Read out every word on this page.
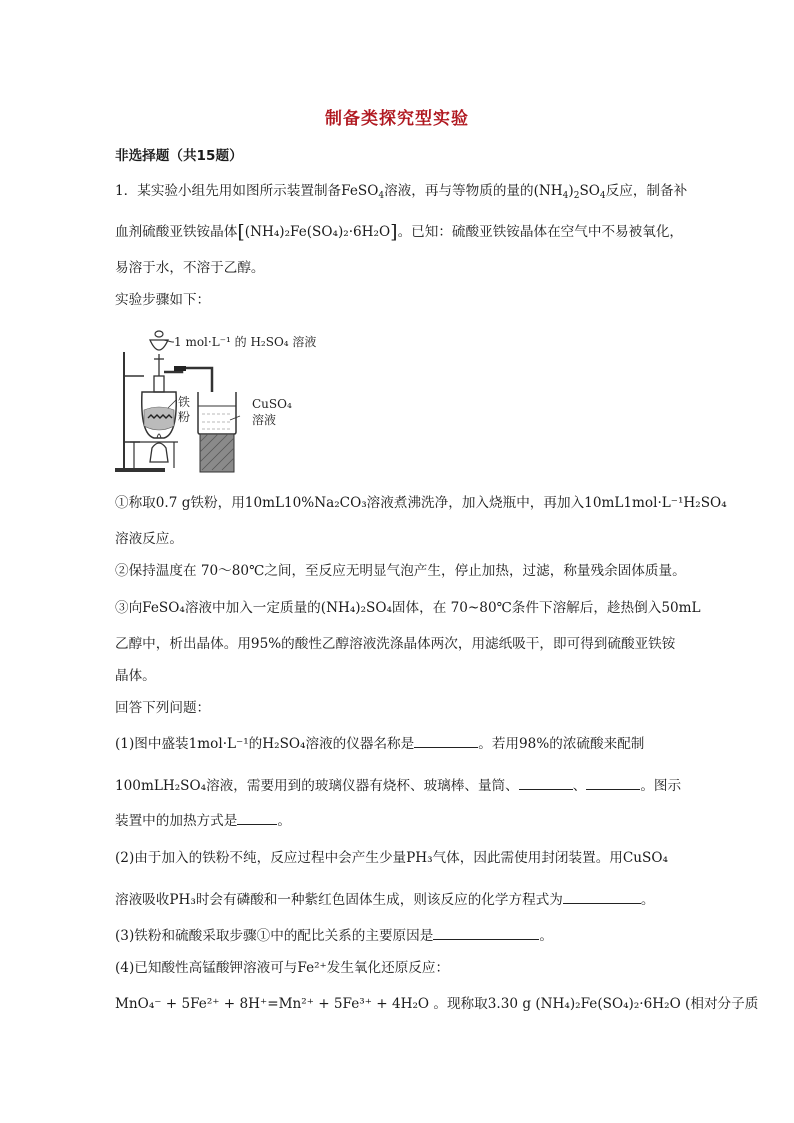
制备类探究型实验
非选择题（共15题）
1．某实验小组先用如图所示装置制备FeSO$_4$溶液，再与等物质的量的$(NH_4)_2SO_4$反应，制备补
血剂硫酸亚铁铵晶体[(NH₄)₂Fe(SO₄)₂·6H₂O]。已知：硫酸亚铁铵晶体在空气中不易被氧化，
易溶于水，不溶于乙醇。
实验步骤如下：
1 mol·L⁻¹ 的 H₂SO₄ 溶液
铁
粉
CuSO₄
溶液
①称取0.7 g铁粉，用10mL10%Na₂CO₃溶液煮沸洗净，加入烧瓶中，再加入10mL1mol·L⁻¹H₂SO₄
溶液反应。
②保持温度在 70～80℃之间，至反应无明显气泡产生，停止加热，过滤，称量残余固体质量。
③向FeSO₄溶液中加入一定质量的(NH₄)₂SO₄固体，在 70~80℃条件下溶解后，趁热倒入50mL
乙醇中，析出晶体。用95%的酸性乙醇溶液洗涤晶体两次，用滤纸吸干，即可得到硫酸亚铁铵
晶体。
回答下列问题：
(1)图中盛装1mol·L⁻¹的H₂SO₄溶液的仪器名称是	。若用98%的浓硫酸来配制
100mLH₂SO₄溶液，需要用到的玻璃仪器有烧杯、玻璃棒、量筒、	、	。图示
装置中的加热方式是	。
(2)由于加入的铁粉不纯，反应过程中会产生少量PH₃气体，因此需使用封闭装置。用CuSO₄
溶液吸收PH₃时会有磷酸和一种紫红色固体生成，则该反应的化学方程式为	。
(3)铁粉和硫酸采取步骤①中的配比关系的主要原因是	。
(4)已知酸性高锰酸钾溶液可与Fe²⁺发生氧化还原反应：
MnO₄⁻ + 5Fe²⁺ + 8H⁺=Mn²⁺ + 5Fe³⁺ + 4H₂O 。现称取3.30 g (NH₄)₂Fe(SO₄)₂·6H₂O (相对分子质
